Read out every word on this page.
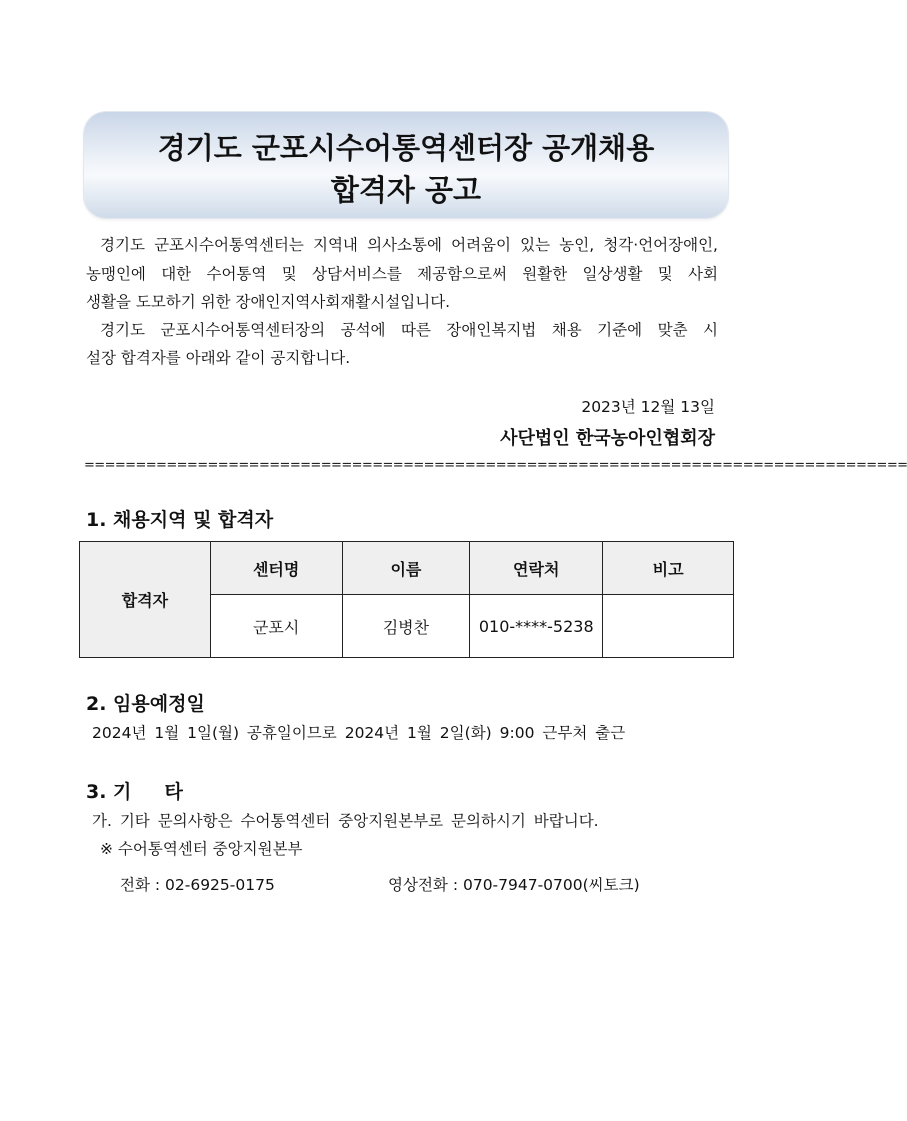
경기도 군포시수어통역센터장 공개채용
합격자 공고
경기도 군포시수어통역센터는 지역내 의사소통에 어려움이 있는 농인, 청각·언어장애인,
농맹인에 대한 수어통역 및 상담서비스를 제공함으로써 원활한 일상생활 및 사회
생활을 도모하기 위한 장애인지역사회재활시설입니다.
경기도 군포시수어통역센터장의 공석에 따른 장애인복지법 채용 기준에 맞춘 시
설장 합격자를 아래와 같이 공지합니다.
2023년 12월 13일
사단법인 한국농아인협회장
================================================================================
1. 채용지역 및 합격자
합격자	센터명	이름	연락처	비고
	군포시	김병찬	010-****-5238	
2. 임용예정일
2024년 1월 1일(월) 공휴일이므로 2024년 1월 2일(화) 9:00 근무처 출근
3. 기     타
가. 기타 문의사항은 수어통역센터 중앙지원본부로 문의하시기 바랍니다.
※ 수어통역센터 중앙지원본부
전화 : 02-6925-0175	영상전화 : 070-7947-0700(씨토크)
